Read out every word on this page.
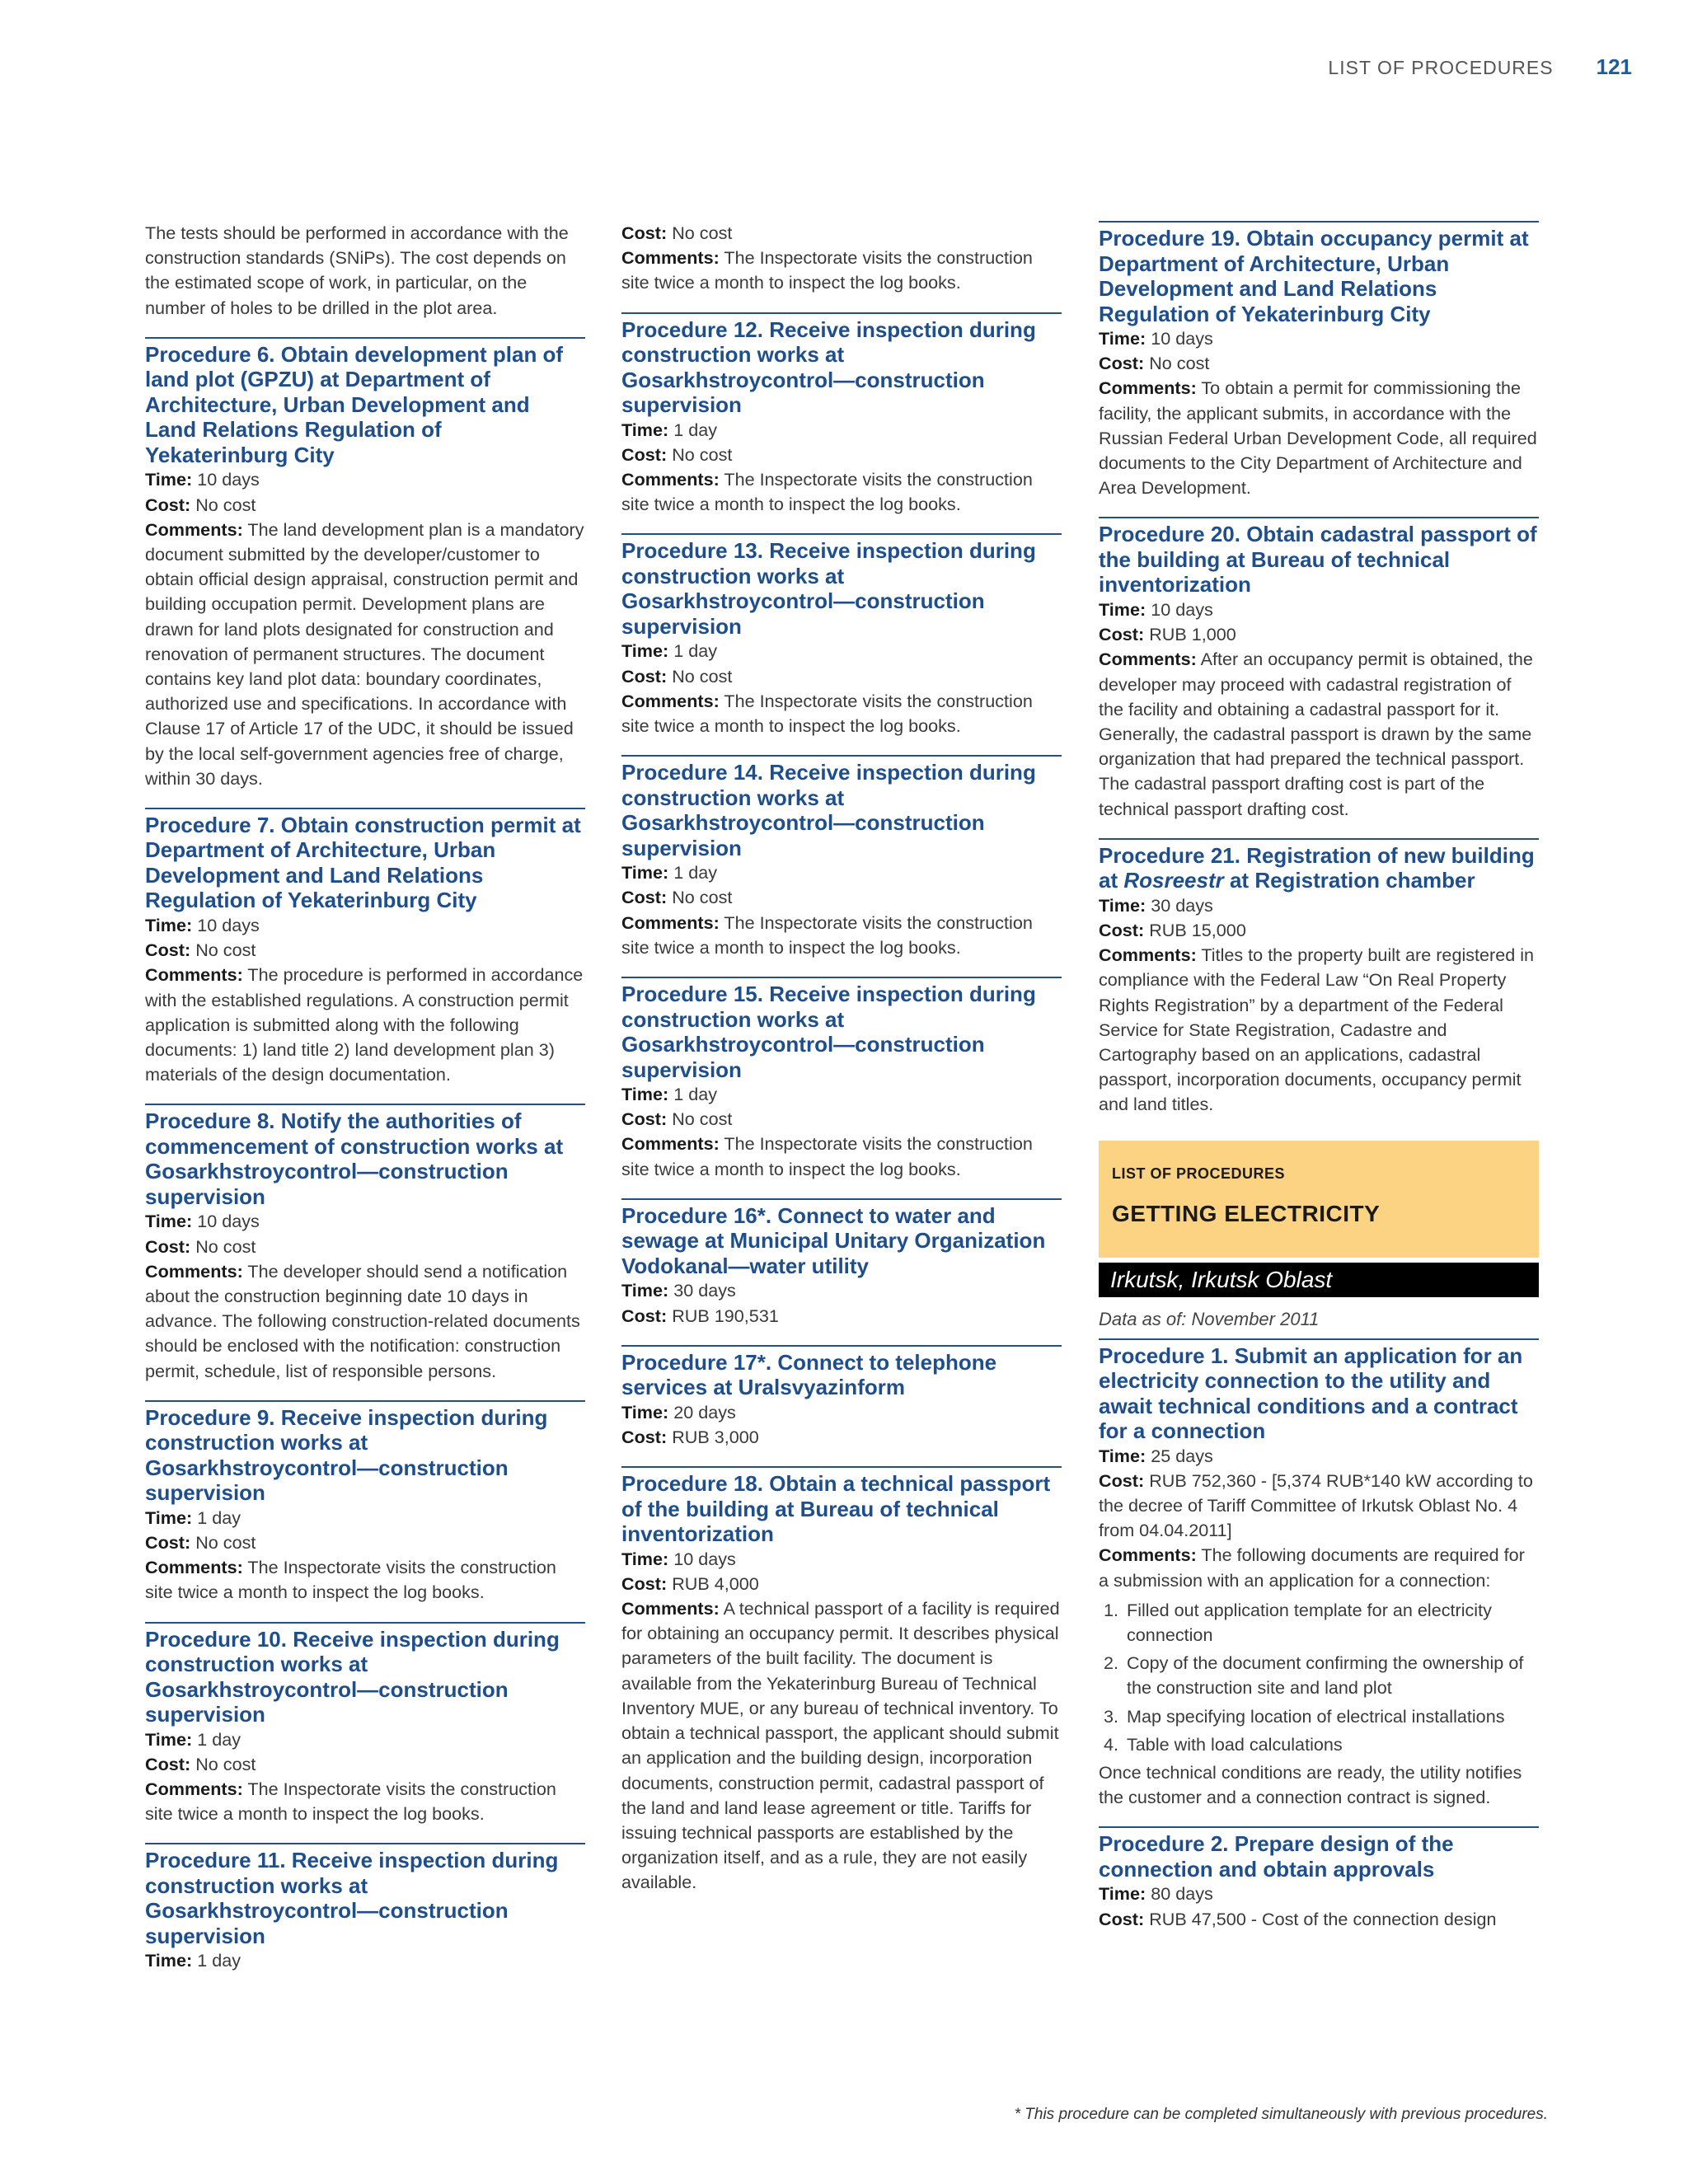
LIST OF PROCEDURES 121

The tests should be performed in accordance with the construction standards (SNiPs). The cost depends on the estimated scope of work, in particular, on the number of holes to be drilled in the plot area.

Procedure 6. Obtain development plan of land plot (GPZU) at Department of Architecture, Urban Development and Land Relations Regulation of Yekaterinburg City

Time: 10 days

Cost: No cost

Comments: The land development plan is a mandatory document submitted by the developer/customer to obtain official design appraisal, construction permit and building occupation permit. Development plans are drawn for land plots designated for construction and renovation of permanent structures. The document contains key land plot data: boundary coordinates, authorized use and specifications. In accordance with Clause 17 of Article 17 of the UDC, it should be issued by the local self-government agencies free of charge, within 30 days.

Procedure 7. Obtain construction permit at Department of Architecture, Urban Development and Land Relations Regulation of Yekaterinburg City

Time: 10 days

Cost: No cost

Comments: The procedure is performed in accordance with the established regulations. A construction permit application is submitted along with the following documents: 1) land title 2) land development plan 3) materials of the design documentation.

Procedure 8. Notify the authorities of commencement of construction works at Gosarkhstroycontrol—construction supervision

Time: 10 days

Cost: No cost

Comments: The developer should send a notification about the construction beginning date 10 days in advance. The following construction-related documents should be enclosed with the notification: construction permit, schedule, list of responsible persons.

Procedure 9. Receive inspection during construction works at Gosarkhstroycontrol—construction supervision

Time: 1 day

Cost: No cost

Comments: The Inspectorate visits the construction site twice a month to inspect the log books.

Procedure 10. Receive inspection during construction works at Gosarkhstroycontrol—construction supervision

Time: 1 day

Cost: No cost

Comments: The Inspectorate visits the construction site twice a month to inspect the log books.

Procedure 11. Receive inspection during construction works at Gosarkhstroycontrol—construction supervision

Time: 1 day

Cost: No cost

Comments: The Inspectorate visits the construction site twice a month to inspect the log books.

Procedure 12. Receive inspection during construction works at Gosarkhstroycontrol—construction supervision

Time: 1 day

Cost: No cost

Comments: The Inspectorate visits the construction site twice a month to inspect the log books.

Procedure 13. Receive inspection during construction works at Gosarkhstroycontrol—construction supervision

Time: 1 day

Cost: No cost

Comments: The Inspectorate visits the construction site twice a month to inspect the log books.

Procedure 14. Receive inspection during construction works at Gosarkhstroycontrol—construction supervision

Time: 1 day

Cost: No cost

Comments: The Inspectorate visits the construction site twice a month to inspect the log books.

Procedure 15. Receive inspection during construction works at Gosarkhstroycontrol—construction supervision

Time: 1 day

Cost: No cost

Comments: The Inspectorate visits the construction site twice a month to inspect the log books.

Procedure 16*. Connect to water and sewage at Municipal Unitary Organization Vodokanal—water utility

Time: 30 days

Cost: RUB 190,531

Procedure 17*. Connect to telephone services at Uralsvyazinform

Time: 20 days

Cost: RUB 3,000

Procedure 18. Obtain a technical passport of the building at Bureau of technical inventorization

Time: 10 days

Cost: RUB 4,000

Comments: A technical passport of a facility is required for obtaining an occupancy permit. It describes physical parameters of the built facility. The document is available from the Yekaterinburg Bureau of Technical Inventory MUE, or any bureau of technical inventory. To obtain a technical passport, the applicant should submit an application and the building design, incorporation documents, construction permit, cadastral passport of the land and land lease agreement or title. Tariffs for issuing technical passports are established by the organization itself, and as a rule, they are not easily available.

Procedure 19. Obtain occupancy permit at Department of Architecture, Urban Development and Land Relations Regulation of Yekaterinburg City

Time: 10 days

Cost: No cost

Comments: To obtain a permit for commissioning the facility, the applicant submits, in accordance with the Russian Federal Urban Development Code, all required documents to the City Department of Architecture and Area Development.

Procedure 20. Obtain cadastral passport of the building at Bureau of technical inventorization

Time: 10 days

Cost: RUB 1,000

Comments: After an occupancy permit is obtained, the developer may proceed with cadastral registration of the facility and obtaining a cadastral passport for it. Generally, the cadastral passport is drawn by the same organization that had prepared the technical passport. The cadastral passport drafting cost is part of the technical passport drafting cost.

Procedure 21. Registration of new building at Rosreestr at Registration chamber

Time: 30 days

Cost: RUB 15,000

Comments: Titles to the property built are registered in compliance with the Federal Law “On Real Property Rights Registration” by a department of the Federal Service for State Registration, Cadastre and Cartography based on an applications, cadastral passport, incorporation documents, occupancy permit and land titles.

LIST OF PROCEDURES
GETTING ELECTRICITY
Irkutsk, Irkutsk Oblast
Data as of: November 2011

Procedure 1. Submit an application for an electricity connection to the utility and await technical conditions and a contract for a connection

Time: 25 days

Cost: RUB 752,360 - [5,374 RUB*140 kW according to the decree of Tariff Committee of Irkutsk Oblast No. 4 from 04.04.2011]

Comments: The following documents are required for a submission with an application for a connection:

1. Filled out application template for an electricity connection
2. Copy of the document confirming the ownership of the construction site and land plot
3. Map specifying location of electrical installations
4. Table with load calculations

Once technical conditions are ready, the utility notifies the customer and a connection contract is signed.

Procedure 2. Prepare design of the connection and obtain approvals

Time: 80 days

Cost: RUB 47,500 - Cost of the connection design

* This procedure can be completed simultaneously with previous procedures.
